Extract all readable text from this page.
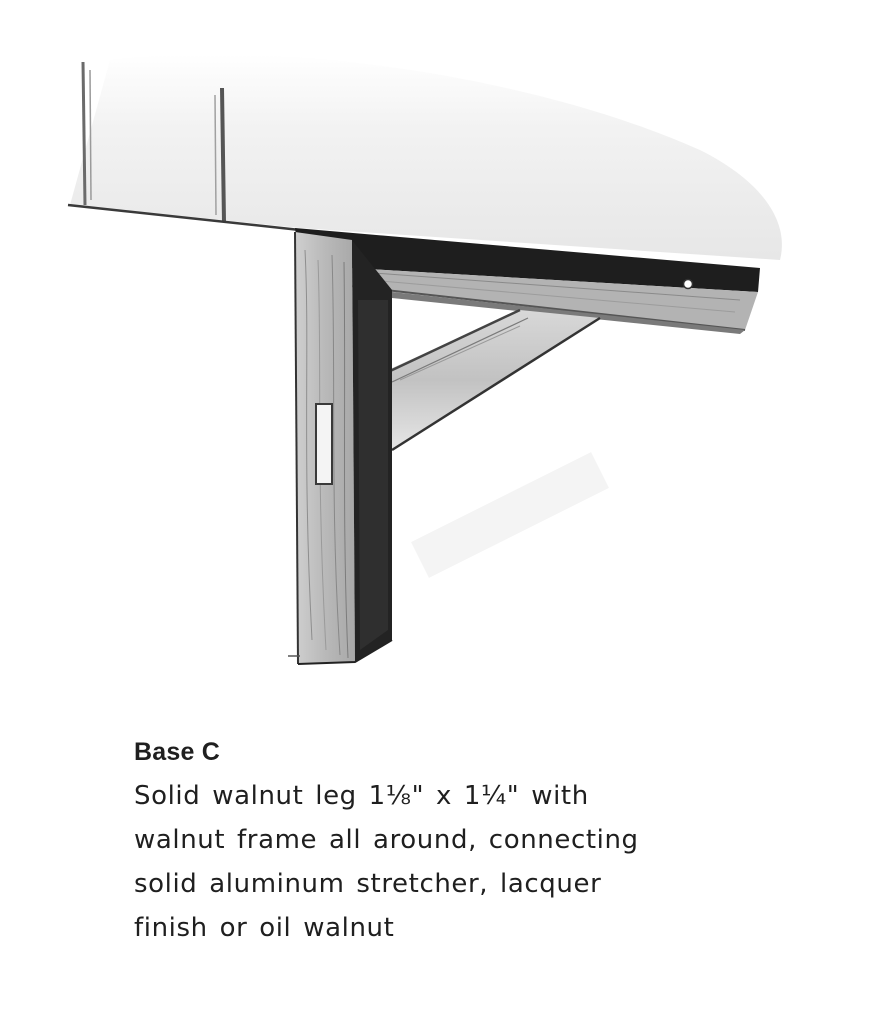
Base C

Solid walnut leg 1⅛" x 1¼" with
walnut frame all around, connecting
solid aluminum stretcher, lacquer
finish or oil walnut
